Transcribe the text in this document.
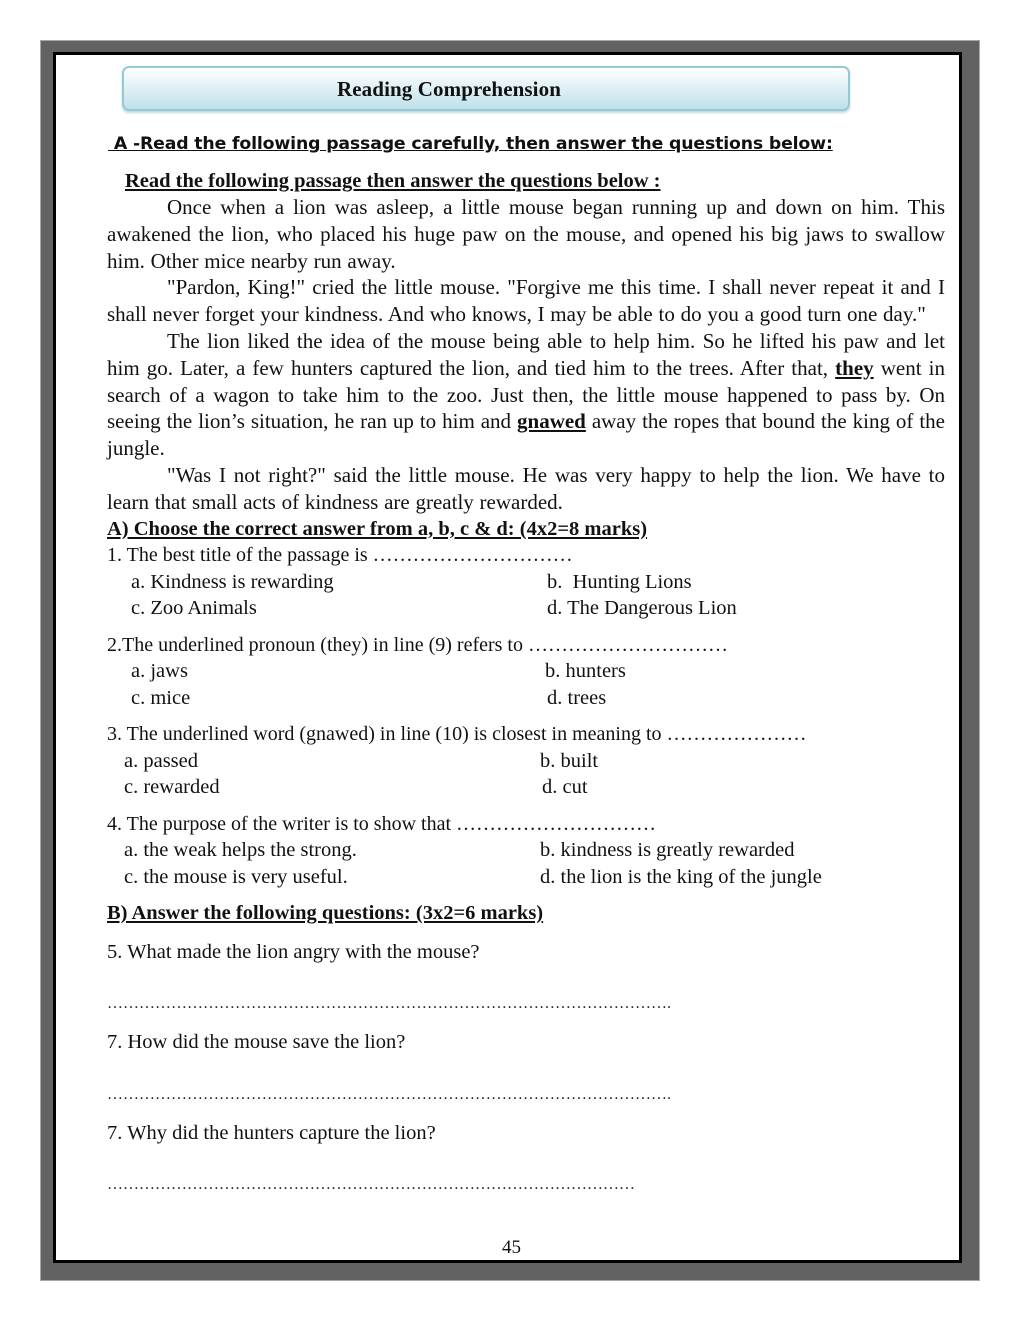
Reading Comprehension
A -Read the following passage carefully, then answer the questions below:
Read the following passage then answer the questions below :

Once when a lion was asleep, a little mouse began running up and down on him. This awakened the lion, who placed his huge paw on the mouse, and opened his big jaws to swallow him. Other mice nearby run away.

"Pardon, King!" cried the little mouse. "Forgive me this time. I shall never repeat it and I shall never forget your kindness. And who knows, I may be able to do you a good turn one day."

The lion liked the idea of the mouse being able to help him. So he lifted his paw and let him go. Later, a few hunters captured the lion, and tied him to the trees. After that, they went in search of a wagon to take him to the zoo. Just then, the little mouse happened to pass by. On seeing the lion’s situation, he ran up to him and gnawed away the ropes that bound the king of the jungle.

"Was I not right?" said the little mouse. He was very happy to help the lion. We have to learn that small acts of kindness are greatly rewarded.

A) Choose the correct answer from a, b, c & d: (4x2=8 marks)
1. The best title of the passage is …………………………
a. Kindness is rewarding	b.  Hunting Lions
c. Zoo Animals	d. The Dangerous Lion
2.The underlined pronoun (they) in line (9) refers to …………………………
a. jaws	b. hunters
c. mice	d. trees
3. The underlined word (gnawed) in line (10) is closest in meaning to …………………
a. passed	b. built
c. rewarded	d. cut
4. The purpose of the writer is to show that …………………………
a. the weak helps the strong.	b. kindness is greatly rewarded
c. the mouse is very useful.	d. the lion is the king of the jungle
B) Answer the following questions: (3x2=6 marks)
5. What made the lion angry with the mouse?
…………………………………………………………………………………………….
7. How did the mouse save the lion?
…………………………………………………………………………………………….
7. Why did the hunters capture the lion?
………………………………………………………………………………………
45
